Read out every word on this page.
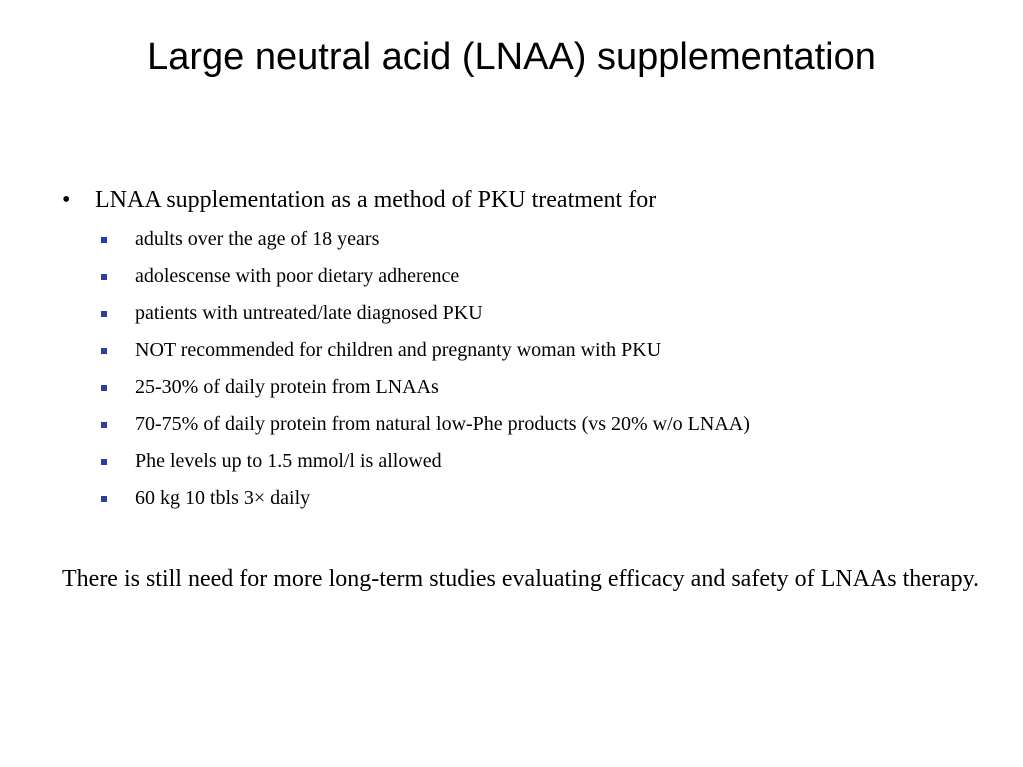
Large neutral acid (LNAA) supplementation
• LNAA supplementation as a method of PKU treatment for
adults over the age of 18 years
adolescense with poor dietary adherence
patients with untreated/late diagnosed PKU
NOT recommended for children and pregnanty woman with PKU
25-30% of daily protein from LNAAs
70-75% of daily protein from natural low-Phe products (vs 20% w/o LNAA)
Phe levels up to 1.5 mmol/l is allowed
60 kg 10 tbls 3× daily

There is still need for more long-term studies evaluating efficacy and safety of LNAAs therapy.
